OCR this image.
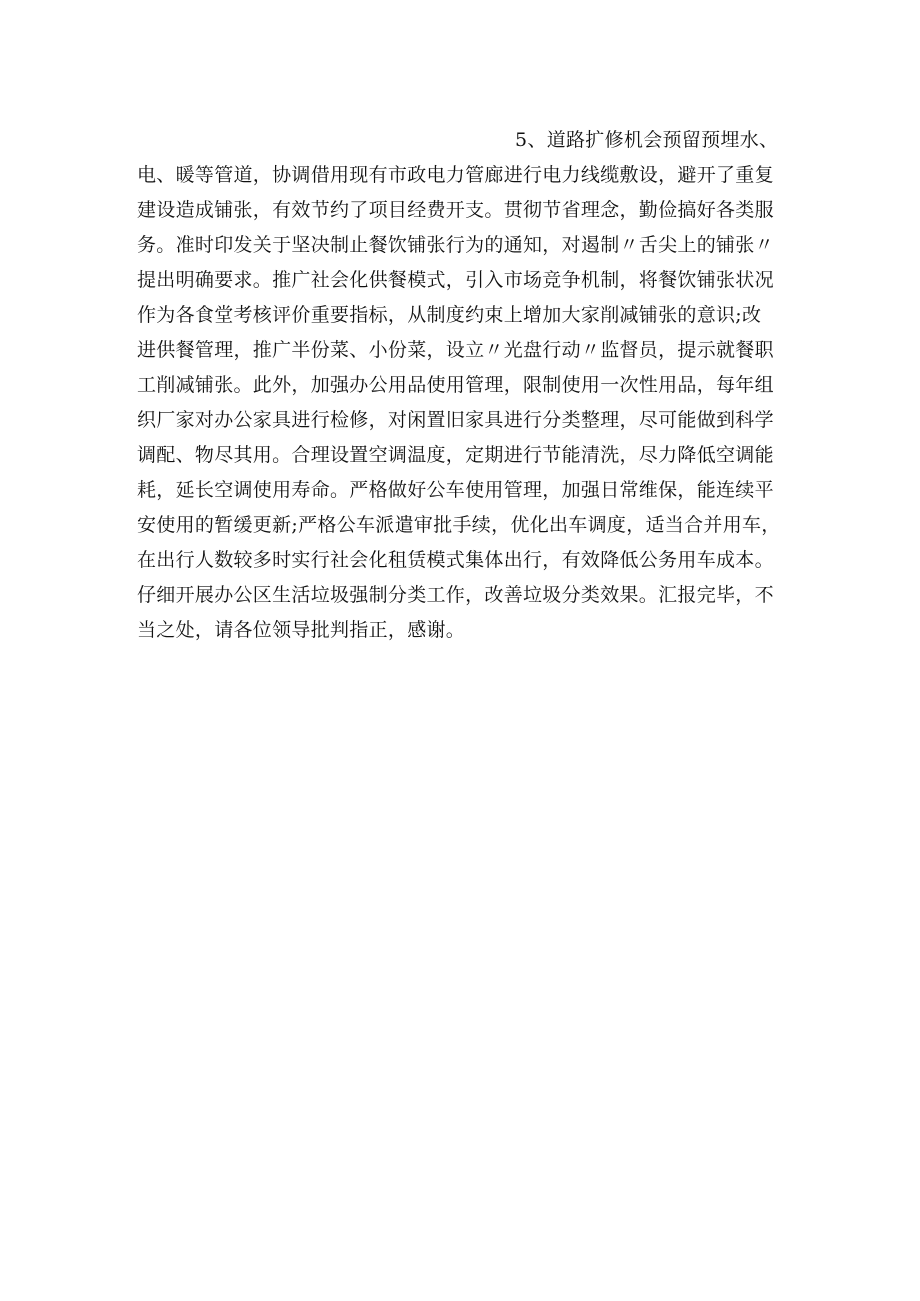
5、道路扩修机会预留预埋水、
电、暖等管道，协调借用现有市政电力管廊进行电力线缆敷设，避开了重复
建设造成铺张，有效节约了项目经费开支。贯彻节省理念，勤俭搞好各类服
务。准时印发关于坚决制止餐饮铺张行为的通知，对遏制〃舌尖上的铺张〃
提出明确要求。推广社会化供餐模式，引入市场竞争机制，将餐饮铺张状况
作为各食堂考核评价重要指标，从制度约束上增加大家削减铺张的意识;改
进供餐管理，推广半份菜、小份菜，设立〃光盘行动〃监督员，提示就餐职
工削减铺张。此外，加强办公用品使用管理，限制使用一次性用品，每年组
织厂家对办公家具进行检修，对闲置旧家具进行分类整理，尽可能做到科学
调配、物尽其用。合理设置空调温度，定期进行节能清洗，尽力降低空调能
耗，延长空调使用寿命。严格做好公车使用管理，加强日常维保，能连续平
安使用的暂缓更新;严格公车派遣审批手续，优化出车调度，适当合并用车，
在出行人数较多时实行社会化租赁模式集体出行，有效降低公务用车成本。
仔细开展办公区生活垃圾强制分类工作，改善垃圾分类效果。汇报完毕，不
当之处，请各位领导批判指正，感谢。
